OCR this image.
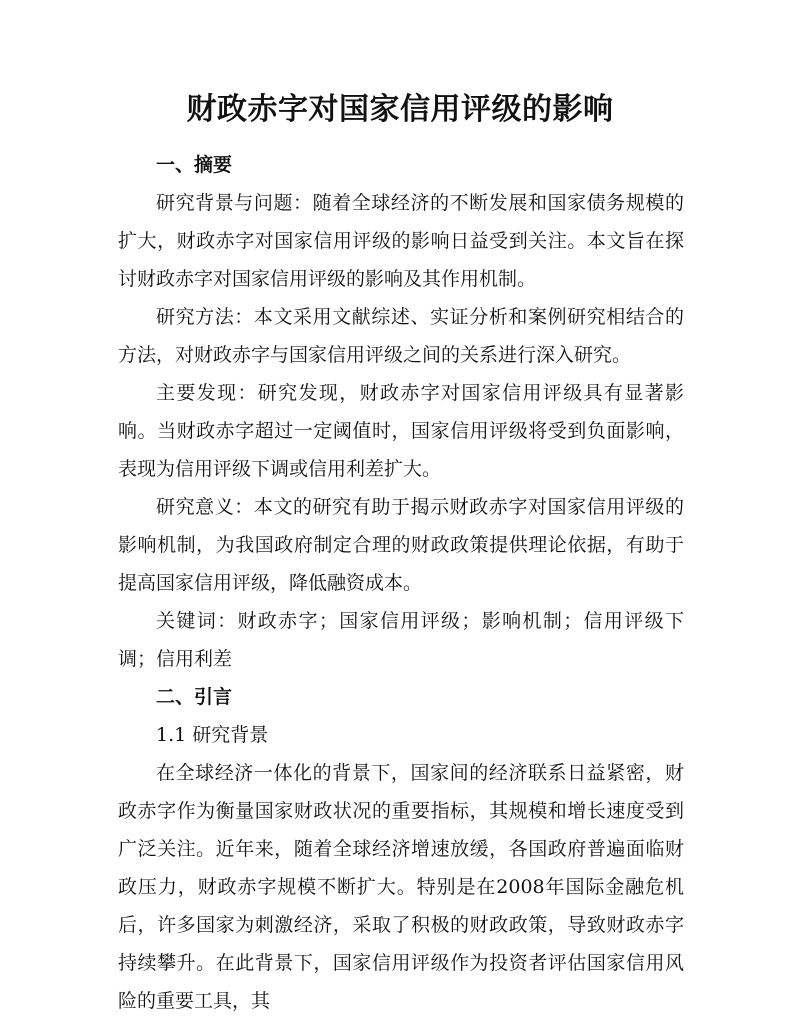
财政赤字对国家信用评级的影响

一、摘要

研究背景与问题：随着全球经济的不断发展和国家债务规模的扩大，财政赤字对国家信用评级的影响日益受到关注。本文旨在探讨财政赤字对国家信用评级的影响及其作用机制。

研究方法：本文采用文献综述、实证分析和案例研究相结合的方法，对财政赤字与国家信用评级之间的关系进行深入研究。

主要发现：研究发现，财政赤字对国家信用评级具有显著影响。当财政赤字超过一定阈值时，国家信用评级将受到负面影响，表现为信用评级下调或信用利差扩大。

研究意义：本文的研究有助于揭示财政赤字对国家信用评级的影响机制，为我国政府制定合理的财政政策提供理论依据，有助于提高国家信用评级，降低融资成本。

关键词：财政赤字；国家信用评级；影响机制；信用评级下调；信用利差

二、引言

1.1 研究背景

在全球经济一体化的背景下，国家间的经济联系日益紧密，财政赤字作为衡量国家财政状况的重要指标，其规模和增长速度受到广泛关注。近年来，随着全球经济增速放缓，各国政府普遍面临财政压力，财政赤字规模不断扩大。特别是在2008年国际金融危机后，许多国家为刺激经济，采取了积极的财政政策，导致财政赤字持续攀升。在此背景下，国家信用评级作为投资者评估国家信用风险的重要工具，其
